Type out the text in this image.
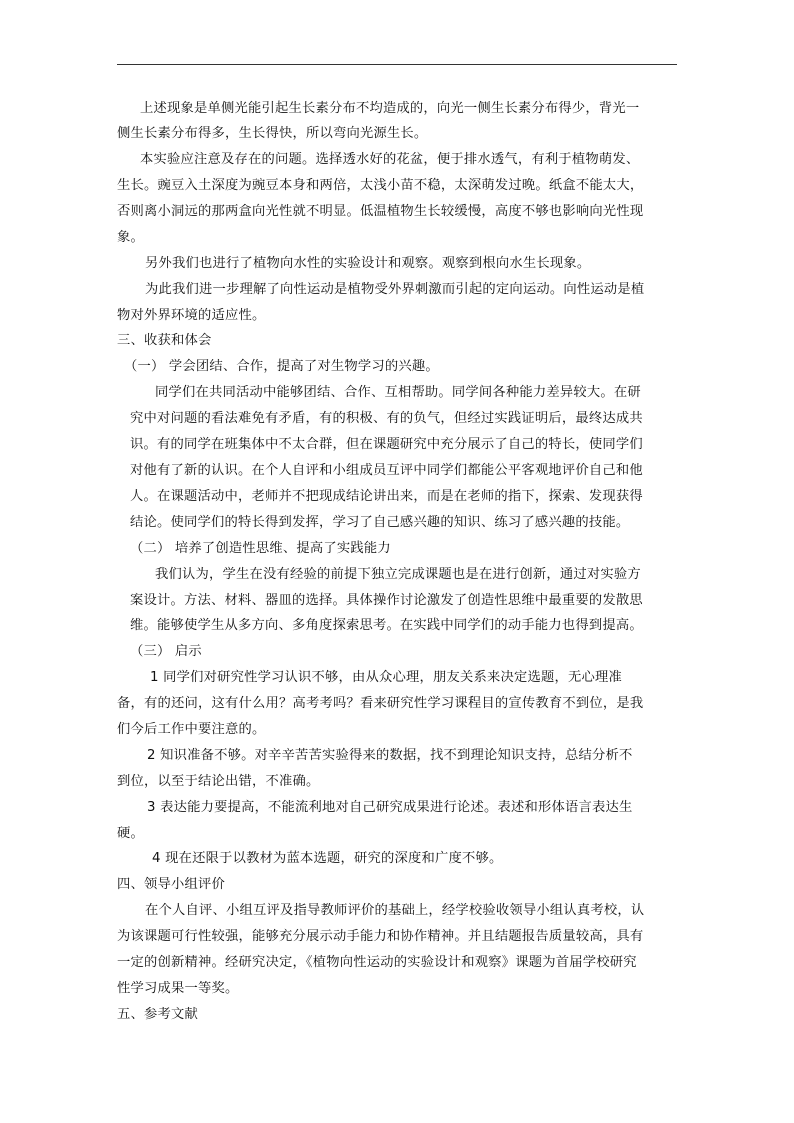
上述现象是单侧光能引起生长素分布不均造成的，向光一侧生长素分布得少，背光一
侧生长素分布得多，生长得快，所以弯向光源生长。
本实验应注意及存在的问题。选择透水好的花盆，便于排水透气，有利于植物萌发、
生长。豌豆入土深度为豌豆本身和两倍，太浅小苗不稳，太深萌发过晚。纸盒不能太大，
否则离小洞远的那两盒向光性就不明显。低温植物生长较缓慢，高度不够也影响向光性现
象。
另外我们也进行了植物向水性的实验设计和观察。观察到根向水生长现象。
为此我们进一步理解了向性运动是植物受外界刺激而引起的定向运动。向性运动是植
物对外界环境的适应性。
三、收获和体会
（一） 学会团结、合作，提高了对生物学习的兴趣。
同学们在共同活动中能够团结、合作、互相帮助。同学间各种能力差异较大。在研
究中对问题的看法难免有矛盾，有的积极、有的负气，但经过实践证明后，最终达成共
识。有的同学在班集体中不太合群，但在课题研究中充分展示了自己的特长，使同学们
对他有了新的认识。在个人自评和小组成员互评中同学们都能公平客观地评价自己和他
人。在课题活动中，老师并不把现成结论讲出来，而是在老师的指下，探索、发现获得
结论。使同学们的特长得到发挥，学习了自己感兴趣的知识、练习了感兴趣的技能。
（二） 培养了创造性思维、提高了实践能力
我们认为，学生在没有经验的前提下独立完成课题也是在进行创新，通过对实验方
案设计。方法、材料、器皿的选择。具体操作讨论激发了创造性思维中最重要的发散思
维。能够使学生从多方向、多角度探索思考。在实践中同学们的动手能力也得到提高。
（三） 启示
1 同学们对研究性学习认识不够，由从众心理，朋友关系来决定选题，无心理准
备，有的还问，这有什么用？高考考吗？看来研究性学习课程目的宣传教育不到位，是我
们今后工作中要注意的。
2 知识准备不够。对辛辛苦苦实验得来的数据，找不到理论知识支持，总结分析不
到位，以至于结论出错，不准确。
3 表达能力要提高，不能流利地对自己研究成果进行论述。表述和形体语言表达生
硬。
4 现在还限于以教材为蓝本选题，研究的深度和广度不够。
四、领导小组评价
在个人自评、小组互评及指导教师评价的基础上，经学校验收领导小组认真考校，认
为该课题可行性较强，能够充分展示动手能力和协作精神。并且结题报告质量较高，具有
一定的创新精神。经研究决定，《植物向性运动的实验设计和观察》课题为首届学校研究
性学习成果一等奖。
五、参考文献
